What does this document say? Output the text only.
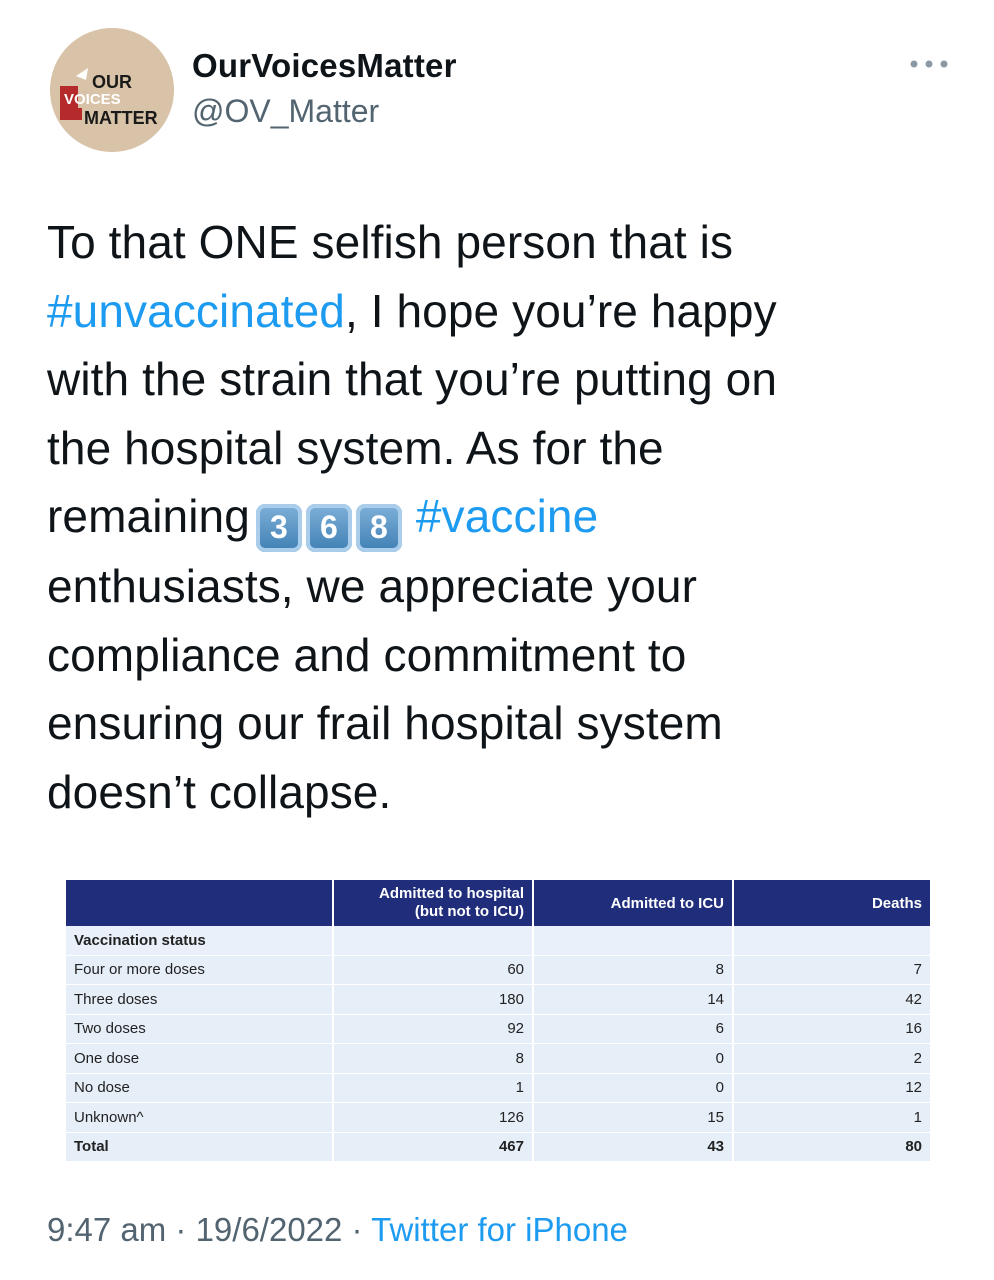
OUR
VOICES
MATTER
OurVoicesMatter
@OV_Matter
To that ONE selfish person that is
#unvaccinated, I hope you’re happy
with the strain that you’re putting on
the hospital system. As for the
remaining 3 6 8 #vaccine
enthusiasts, we appreciate your
compliance and commitment to
ensuring our frail hospital system
doesn’t collapse.

	Admitted to hospital
(but not to ICU)	Admitted to ICU	Deaths
Vaccination status			
Four or more doses	60	8	7
Three doses	180	14	42
Two doses	92	6	16
One dose	8	0	2
No dose	1	0	12
Unknown^	126	15	1
Total	467	43	80
9:47 am · 19/6/2022 · Twitter for iPhone
